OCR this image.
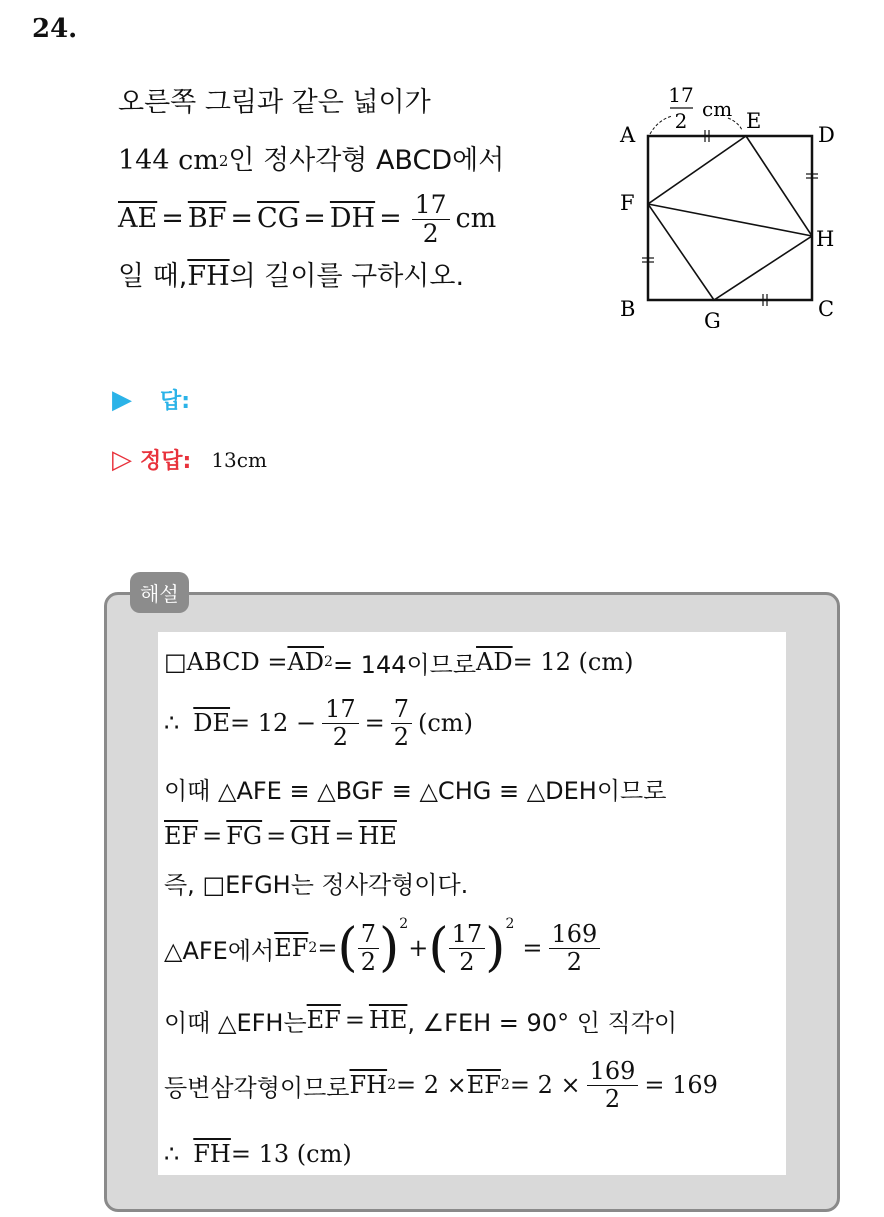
24.
오른쪽 그림과 같은 넓이가
144 cm 2 인 정사각형 ABCD에서
$\overline{AE} = \overline{BF} = \overline{CG} = \overline{DH} = \frac{17}{2}$ cm
일 때, $\overline{FH}$ 의 길이를 구하시오.
17
2 cm
A
B	C
D
E
F
G
H
▶ 답:
▷ 정답: 13cm
해설
□ABCD = $\overline{AD}$ 2 = 144이므로 $\overline{AD} = 12$ (cm)
∴ $\overline{DE} = 12 - \frac{17}{2} = \frac{7}{2} (cm)$
이때 △AFE ≡ △BGF ≡ △CHG ≡ △DEH이므로
$\overline{EF} = \overline{FG} = \overline{GH} = \overline{HE}$
즉, □EFGH는 정사각형이다.
△AFE에서 $\overline{EF}$ 2 = ( $\frac{7}{2} )^2$
+ ( $\frac{17}{2} )^2$
= $\frac{169}{2}$
이때 △EFH는 $\overline{EF} = \overline{HE}$ , ∠FEH = 90° 인 직각이
등변삼각형이므로 $\overline{FH}$ $2 = 2 \times \overline{EF}$ $2 = 2 \times \frac{169}{2} = 169$
∴ $\overline{FH} = 13$ (cm)
